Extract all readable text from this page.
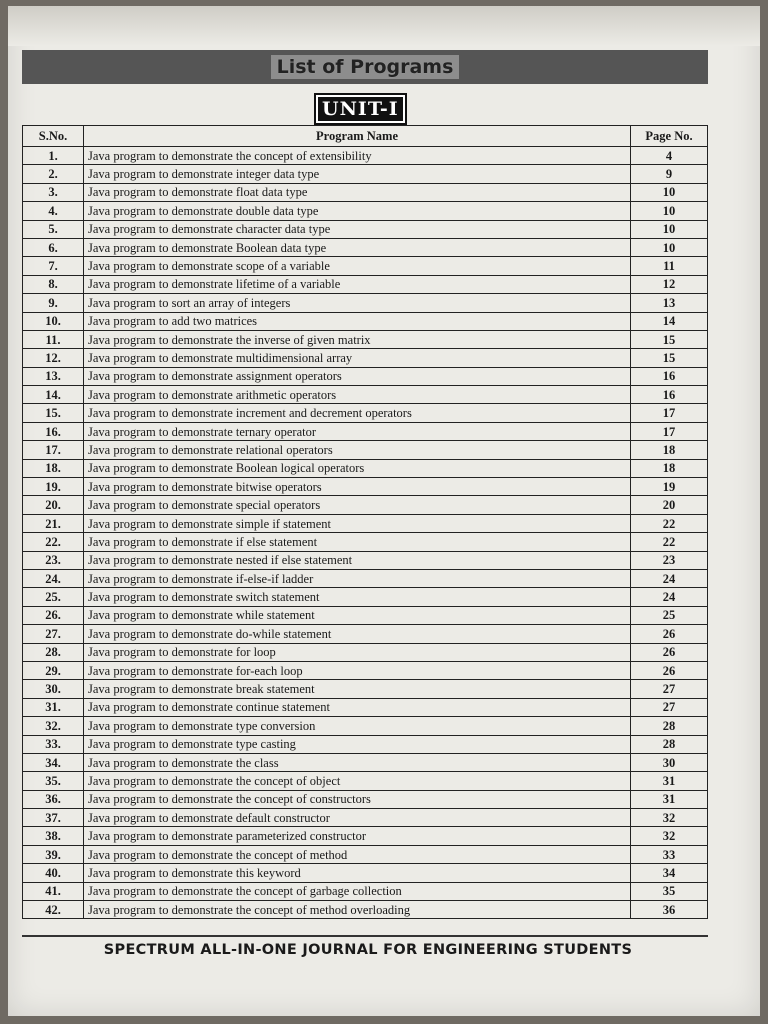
List of Programs
UNIT-I
S.No.	Program Name	Page No.
1.	Java program to demonstrate the concept of extensibility	4
2.	Java program to demonstrate integer data type	9
3.	Java program to demonstrate float data type	10
4.	Java program to demonstrate double data type	10
5.	Java program to demonstrate character data type	10
6.	Java program to demonstrate Boolean data type	10
7.	Java program to demonstrate scope of a variable	11
8.	Java program to demonstrate lifetime of a variable	12
9.	Java program to sort an array of integers	13
10.	Java program to add two matrices	14
11.	Java program to demonstrate the inverse of given matrix	15
12.	Java program to demonstrate multidimensional array	15
13.	Java program to demonstrate assignment operators	16
14.	Java program to demonstrate arithmetic operators	16
15.	Java program to demonstrate increment and decrement operators	17
16.	Java program to demonstrate ternary operator	17
17.	Java program to demonstrate relational operators	18
18.	Java program to demonstrate Boolean logical operators	18
19.	Java program to demonstrate bitwise operators	19
20.	Java program to demonstrate special operators	20
21.	Java program to demonstrate simple if statement	22
22.	Java program to demonstrate if else statement	22
23.	Java program to demonstrate nested if else statement	23
24.	Java program to demonstrate if-else-if ladder	24
25.	Java program to demonstrate switch statement	24
26.	Java program to demonstrate while statement	25
27.	Java program to demonstrate do-while statement	26
28.	Java program to demonstrate for loop	26
29.	Java program to demonstrate for-each loop	26
30.	Java program to demonstrate break statement	27
31.	Java program to demonstrate continue statement	27
32.	Java program to demonstrate type conversion	28
33.	Java program to demonstrate type casting	28
34.	Java program to demonstrate the class	30
35.	Java program to demonstrate the concept of object	31
36.	Java program to demonstrate the concept of constructors	31
37.	Java program to demonstrate default constructor	32
38.	Java program to demonstrate parameterized constructor	32
39.	Java program to demonstrate the concept of method	33
40.	Java program to demonstrate this keyword	34
41.	Java program to demonstrate the concept of garbage collection	35
42.	Java program to demonstrate the concept of method overloading	36
SPECTRUM ALL-IN-ONE JOURNAL FOR ENGINEERING STUDENTS
